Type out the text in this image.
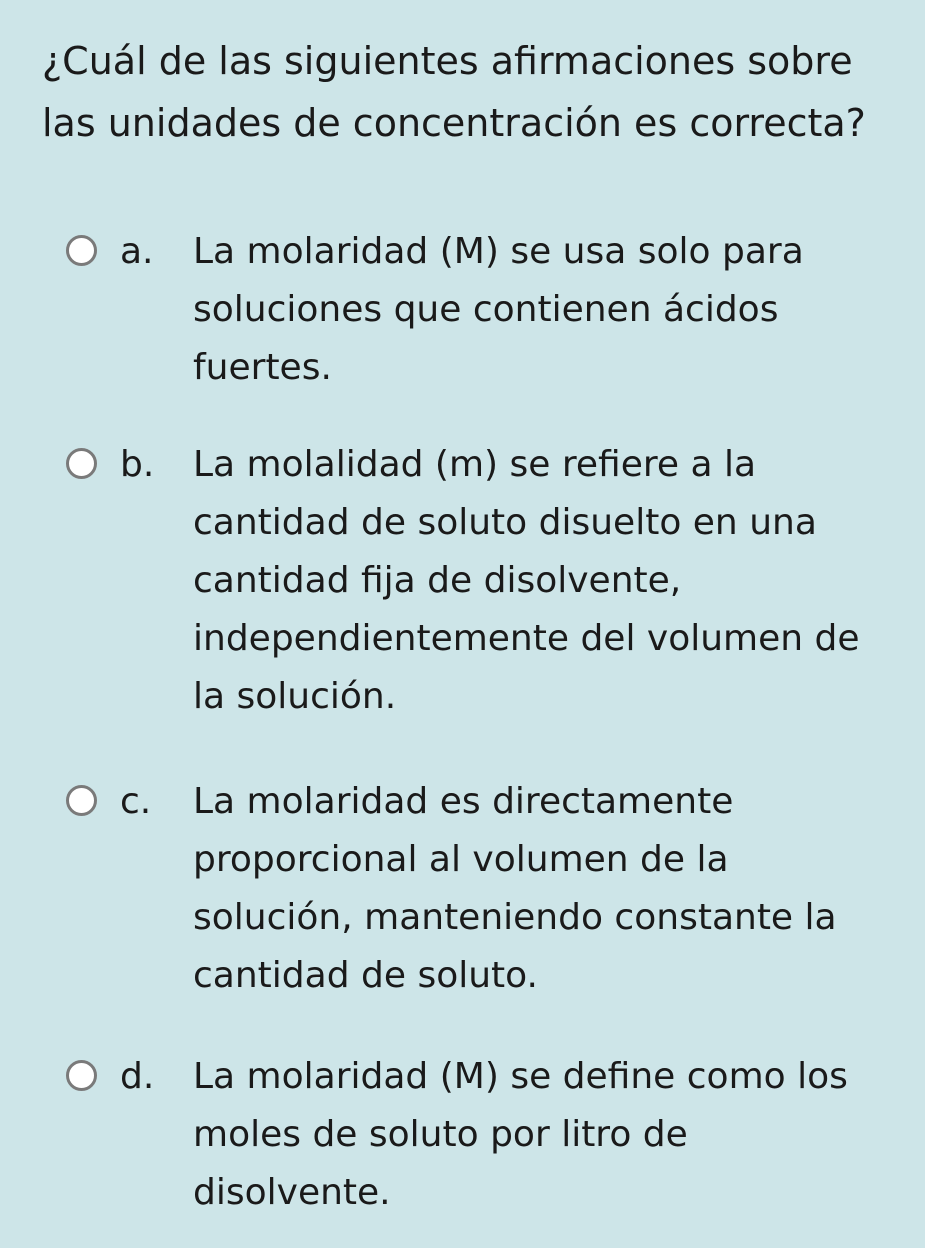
¿Cuál de las siguientes afirmaciones sobre las unidades de concentración es correcta?
a. La molaridad (M) se usa solo para soluciones que contienen ácidos fuertes.
b. La molalidad (m) se refiere a la cantidad de soluto disuelto en una cantidad fija de disolvente, independientemente del volumen de la solución.
c. La molaridad es directamente proporcional al volumen de la solución, manteniendo constante la cantidad de soluto.
d. La molaridad (M) se define como los moles de soluto por litro de disolvente.
